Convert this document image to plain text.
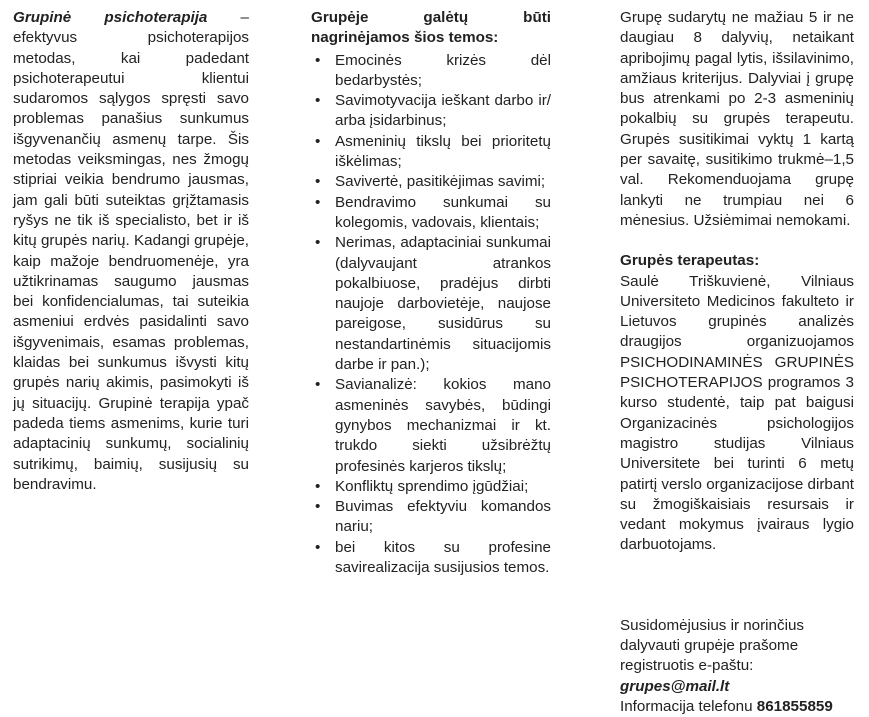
Grupinė psichoterapija – efektyvus psichoterapijos metodas, kai padedant psichoterapeutui klientui sudaromos sąlygos spręsti savo problemas panašius sunkumus išgyvenančių asmenų tarpe. Šis metodas veiksmingas, nes žmogų stipriai veikia bendrumo jausmas, jam gali būti suteiktas grįžtamasis ryšys ne tik iš specialisto, bet ir iš kitų grupės narių. Kadangi grupėje, kaip mažoje bendruomenėje, yra užtikrinamas saugumo jausmas bei konfidencialumas, tai suteikia asmeniui erdvės pasidalinti savo išgyvenimais, esamas problemas, klaidas bei sunkumus išvysti kitų grupės narių akimis, pasimokyti iš jų situacijų. Grupinė terapija ypač padeda tiems asmenims, kurie turi adaptacinių sunkumų, socialinių sutrikimų, baimių, susijusių su bendravimu.
Grupėje galėtų būti nagrinėjamos šios temos:
• Emocinės krizės dėl bedarbystės;
• Savimotyvacija ieškant darbo ir/ arba įsidarbinus;
• Asmeninių tikslų bei prioritetų iškėlimas;
• Savivertė, pasitikėjimas savimi;
• Bendravimo sunkumai su kolegomis, vadovais, klientais;
• Nerimas, adaptaciniai sunkumai (dalyvaujant atrankos pokalbiuose, pradėjus dirbti naujoje darbovietėje, naujose pareigose, susidūrus su nestandartinėmis situacijomis darbe ir pan.);
• Savianalizė: kokios mano asmeninės savybės, būdingi gynybos mechanizmai ir kt. trukdo siekti užsibrėžtų profesinės karjeros tikslų;
• Konfliktų sprendimo įgūdžiai;
• Buvimas efektyviu komandos nariu;
• bei kitos su profesine savirealizacija susijusios temos.

Grupę sudarytų ne mažiau 5 ir ne daugiau 8 dalyvių, netaikant apribojimų pagal lytis, išsilavinimo, amžiaus kriterijus. Dalyviai į grupę bus atrenkami po 2-3 asmeninių pokalbių su grupės terapeutu. Grupės susitikimai vyktų 1 kartą per savaitę, susitikimo trukmė–1,5 val. Rekomenduojama grupę lankyti ne trumpiau nei 6 mėnesius. Užsiėmimai nemokami.

Grupės terapeutas:

Saulė Triškuvienė, Vilniaus Universiteto Medicinos fakulteto ir Lietuvos grupinės analizės draugijos organizuojamos PSICHODINAMINĖS GRUPINĖS PSICHOTERAPIJOS programos 3 kurso studentė, taip pat baigusi Organizacinės psichologijos magistro studijas Vilniaus Universitete bei turinti 6 metų patirtį verslo organizacijose dirbant su žmogiškaisiais resursais ir vedant mokymus įvairaus lygio darbuotojams.

Susidomėjusius ir norinčius dalyvauti grupėje prašome registruotis e-paštu:
grupes@mail.lt
Informacija telefonu 861855859
